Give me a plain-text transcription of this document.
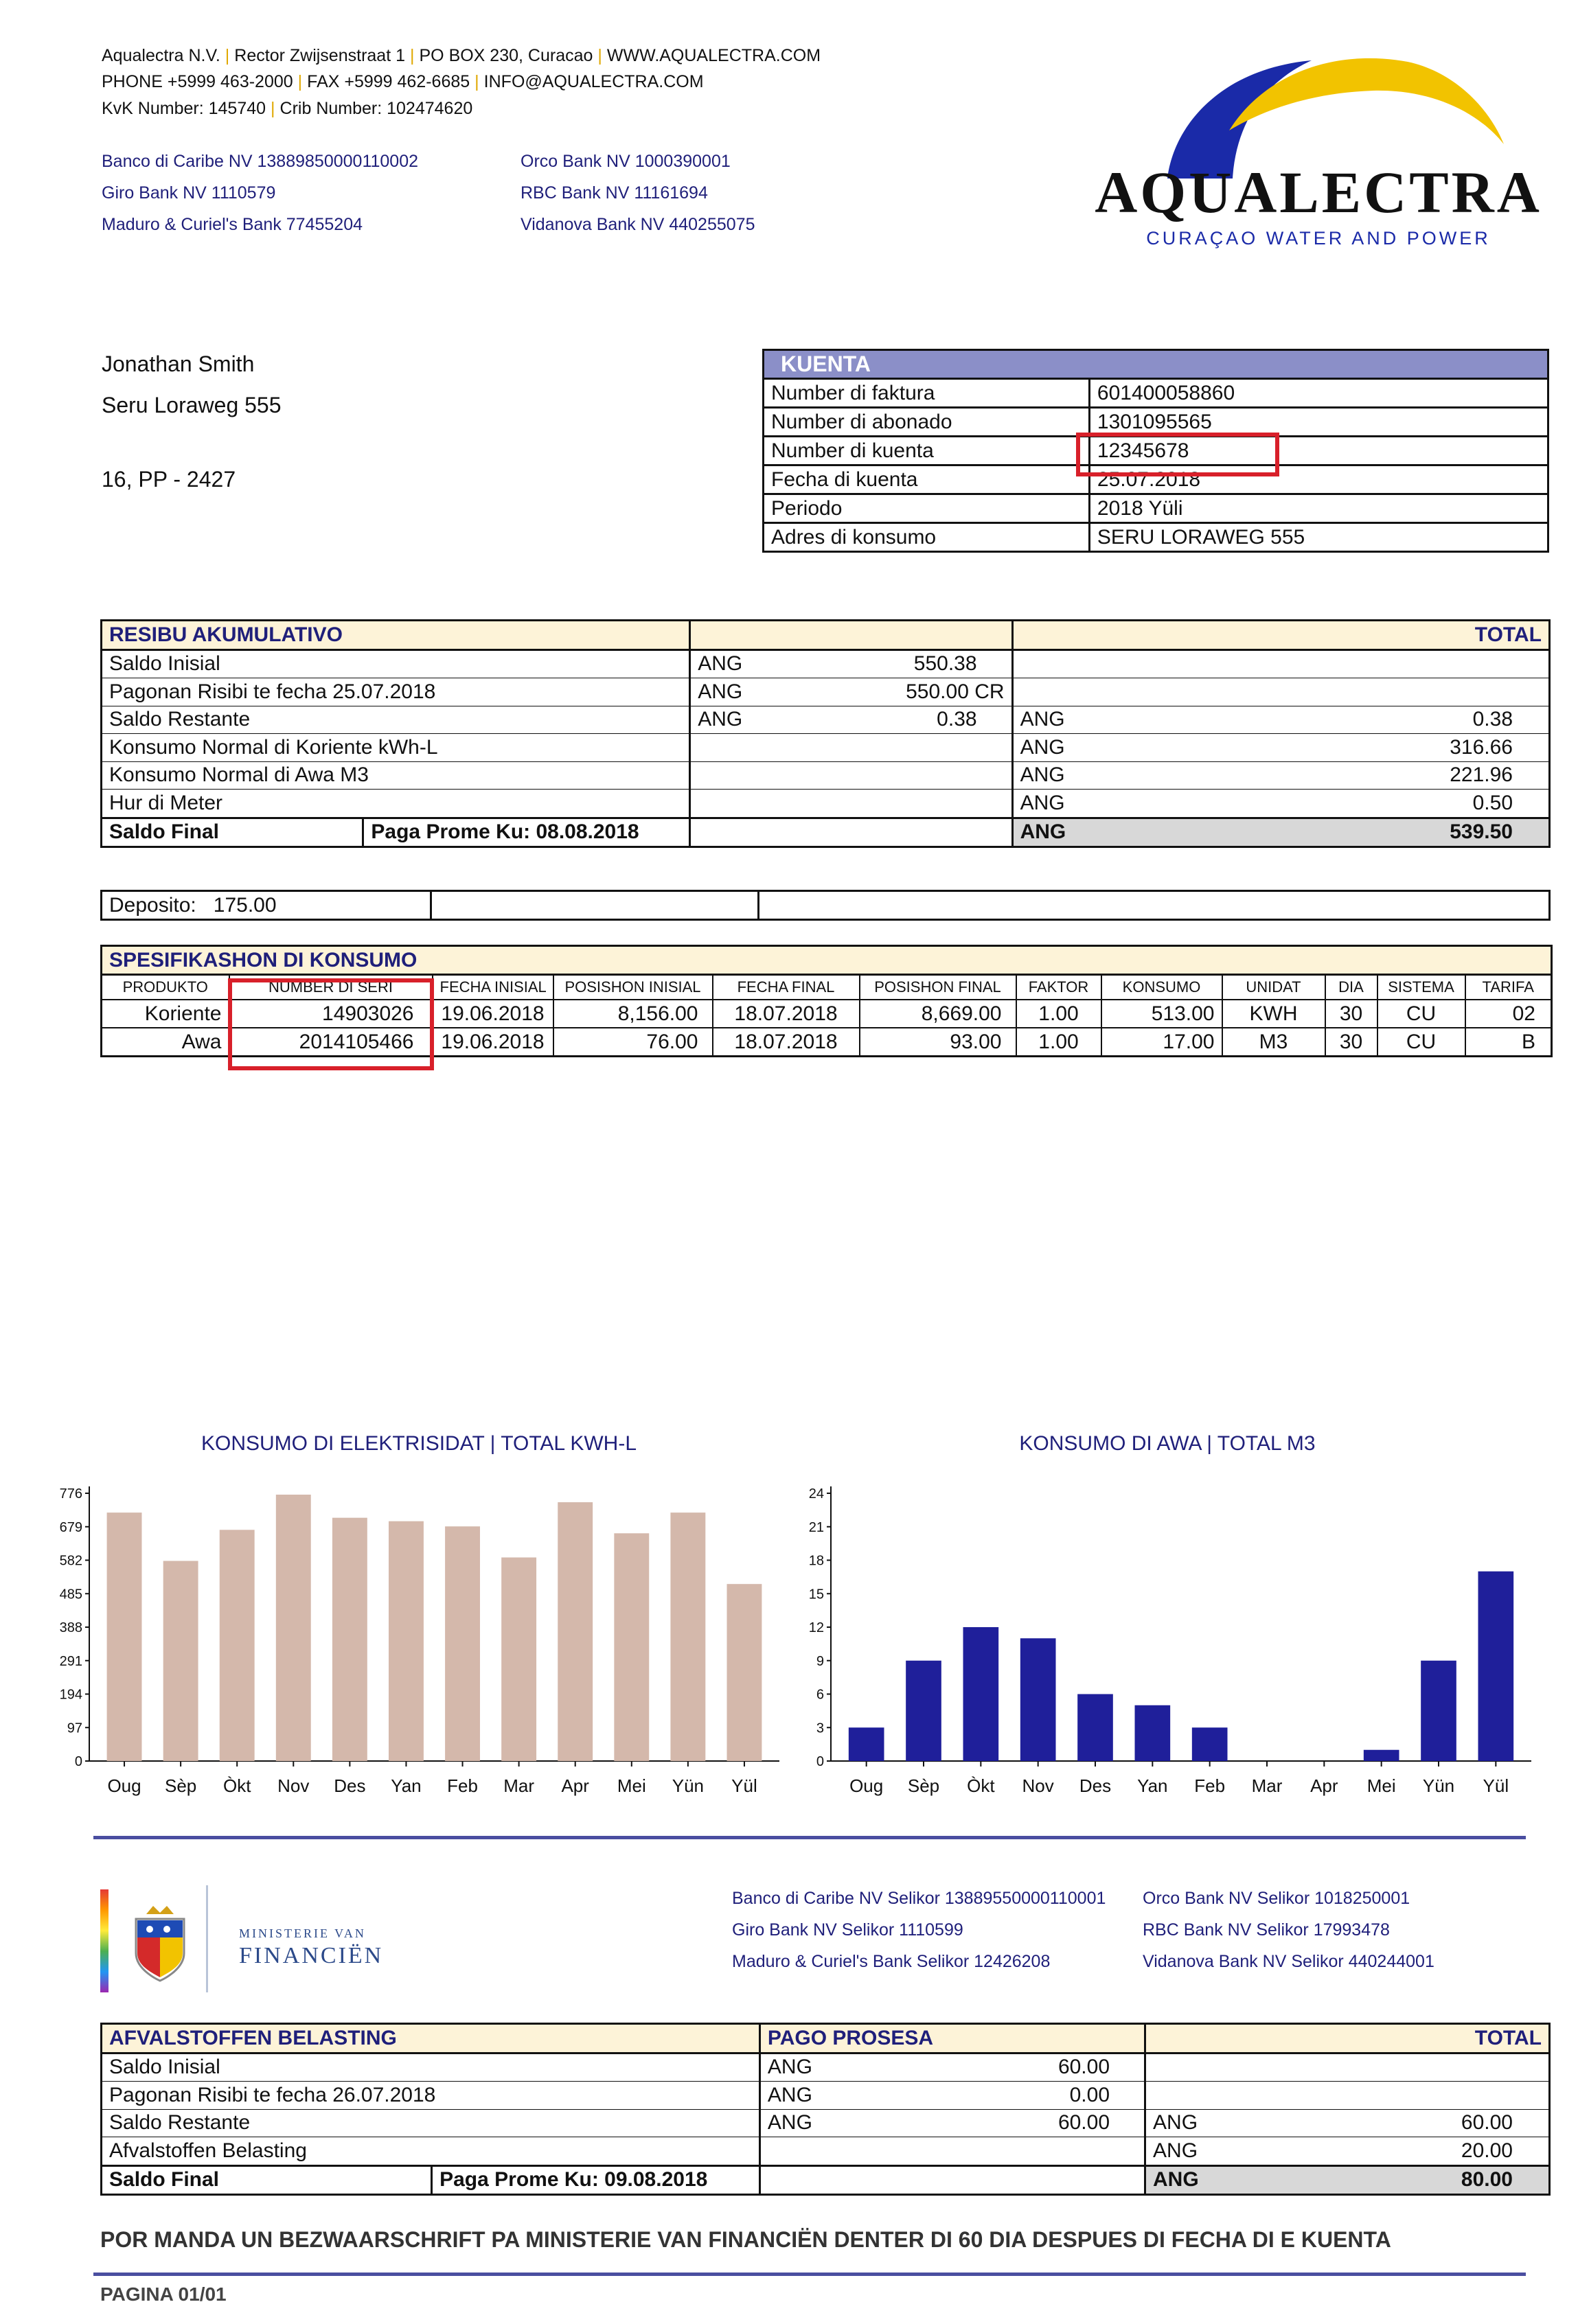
Aqualectra N.V. | Rector Zwijsenstraat 1 | PO BOX 230, Curacao | WWW.AQUALECTRA.COM
PHONE +5999 463-2000 | FAX +5999 462-6685 | INFO@AQUALECTRA.COM
KvK Number: 145740 | Crib Number: 102474620
Banco di Caribe NV 13889850000110002
Giro Bank NV 1110579
Maduro & Curiel's Bank 77455204
Orco Bank NV 1000390001
RBC Bank NV 11161694
Vidanova Bank NV 440255075	AQUALECTRA
CURAÇAO WATER AND POWER
Jonathan Smith
Seru Loraweg 555
16, PP - 2427
KUENTA	
Number di faktura	601400058860
Number di abonado	1301095565
Number di kuenta	12345678
Fecha di kuenta	25.07.2018
Periodo	2018 Yüli
Adres di konsumo	SERU LORAWEG 555
RESIBU AKUMULATIVO				TOTAL	
Saldo Inisial		ANG	550.38		
Pagonan Risibi te fecha 25.07.2018		ANG	550.00 CR		
Saldo Restante		ANG	0.38	ANG	0.38
Konsumo Normal di Koriente kWh-L				ANG	316.66
Konsumo Normal di Awa M3				ANG	221.96
Hur di Meter				ANG	0.50
Saldo Final	Paga Prome Ku: 08.08.2018			ANG	539.50
Deposito: 175.00		
SPESIFIKASHON DI KONSUMO											
PRODUKTO	NUMBER DI SERI	FECHA INISIAL	POSISHON INISIAL	FECHA FINAL	POSISHON FINAL	FAKTOR	KONSUMO	UNIDAT	DIA	SISTEMA	TARIFA
Koriente	14903026	19.06.2018	8,156.00	18.07.2018	8,669.00	1.00	513.00	KWH	30	CU	02
Awa	2014105466	19.06.2018	76.00	18.07.2018	93.00	1.00	17.00	M3	30	CU	B
KONSUMO DI ELEKTRISIDAT | TOTAL KWH-L	KONSUMO DI AWA | TOTAL M3
0
97
194
291
388
485
582
679
776
Oug Sèp Òkt Nov Des Yan Feb Mar Apr Mei Yün Yül
0
3
6
9
12
15
18
21
24
Oug Sèp Òkt Nov Des Yan Feb Mar Apr Mei Yün Yül
MINISTERIE VAN
FINANCIËN
Banco di Caribe NV Selikor 13889550000110001
Giro Bank NV Selikor 1110599
Maduro & Curiel's Bank Selikor 12426208
Orco Bank NV Selikor 1018250001
RBC Bank NV Selikor 17993478
Vidanova Bank NV Selikor 440244001
AFVALSTOFFEN BELASTING		PAGO PROSESA		TOTAL	
Saldo Inisial		ANG	60.00		
Pagonan Risibi te fecha 26.07.2018		ANG	0.00		
Saldo Restante		ANG	60.00	ANG	60.00
Afvalstoffen Belasting				ANG	20.00
Saldo Final	Paga Prome Ku: 09.08.2018			ANG	80.00
POR MANDA UN BEZWAARSCHRIFT PA MINISTERIE VAN FINANCIËN DENTER DI 60 DIA DESPUES DI FECHA DI E KUENTA
PAGINA 01/01
